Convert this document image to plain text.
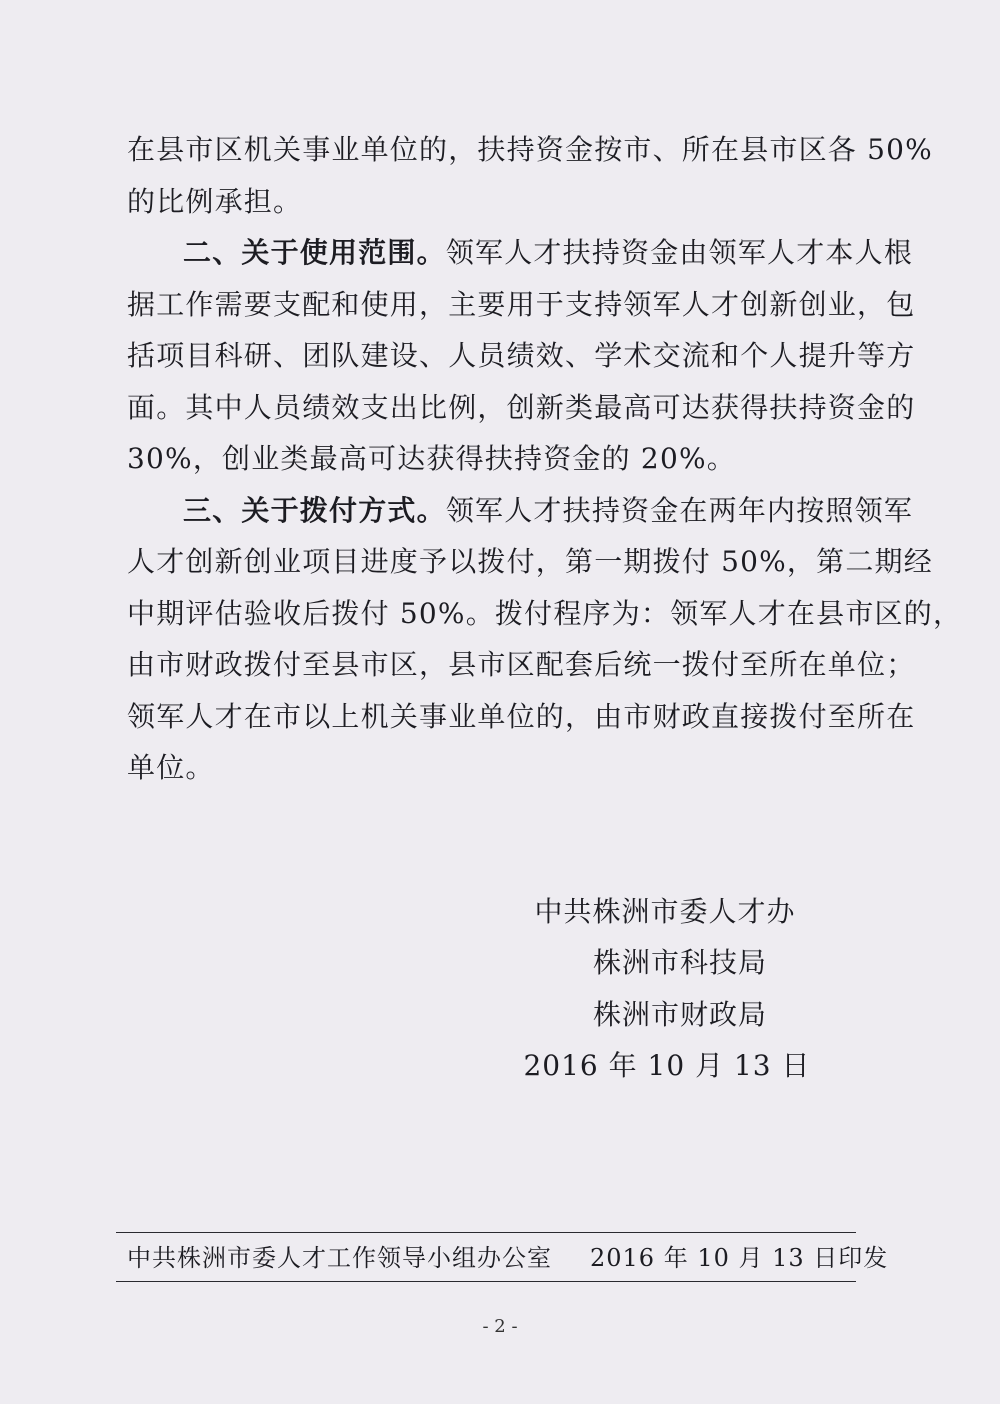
在县市区机关事业单位的，扶持资金按市、所在县市区各 50%
的比例承担。
二、关于使用范围。领军人才扶持资金由领军人才本人根
据工作需要支配和使用，主要用于支持领军人才创新创业，包
括项目科研、团队建设、人员绩效、学术交流和个人提升等方
面。其中人员绩效支出比例，创新类最高可达获得扶持资金的
30%，创业类最高可达获得扶持资金的 20%。
三、关于拨付方式。领军人才扶持资金在两年内按照领军
人才创新创业项目进度予以拨付，第一期拨付 50%，第二期经
中期评估验收后拨付 50%。拨付程序为：领军人才在县市区的，
由市财政拨付至县市区，县市区配套后统一拨付至所在单位；
领军人才在市以上机关事业单位的，由市财政直接拨付至所在
单位。
中共株洲市委人才办
株洲市科技局
株洲市财政局
2016 年 10 月 13 日
中共株洲市委人才工作领导小组办公室 2016 年 10 月 13 日印发
- 2 -
